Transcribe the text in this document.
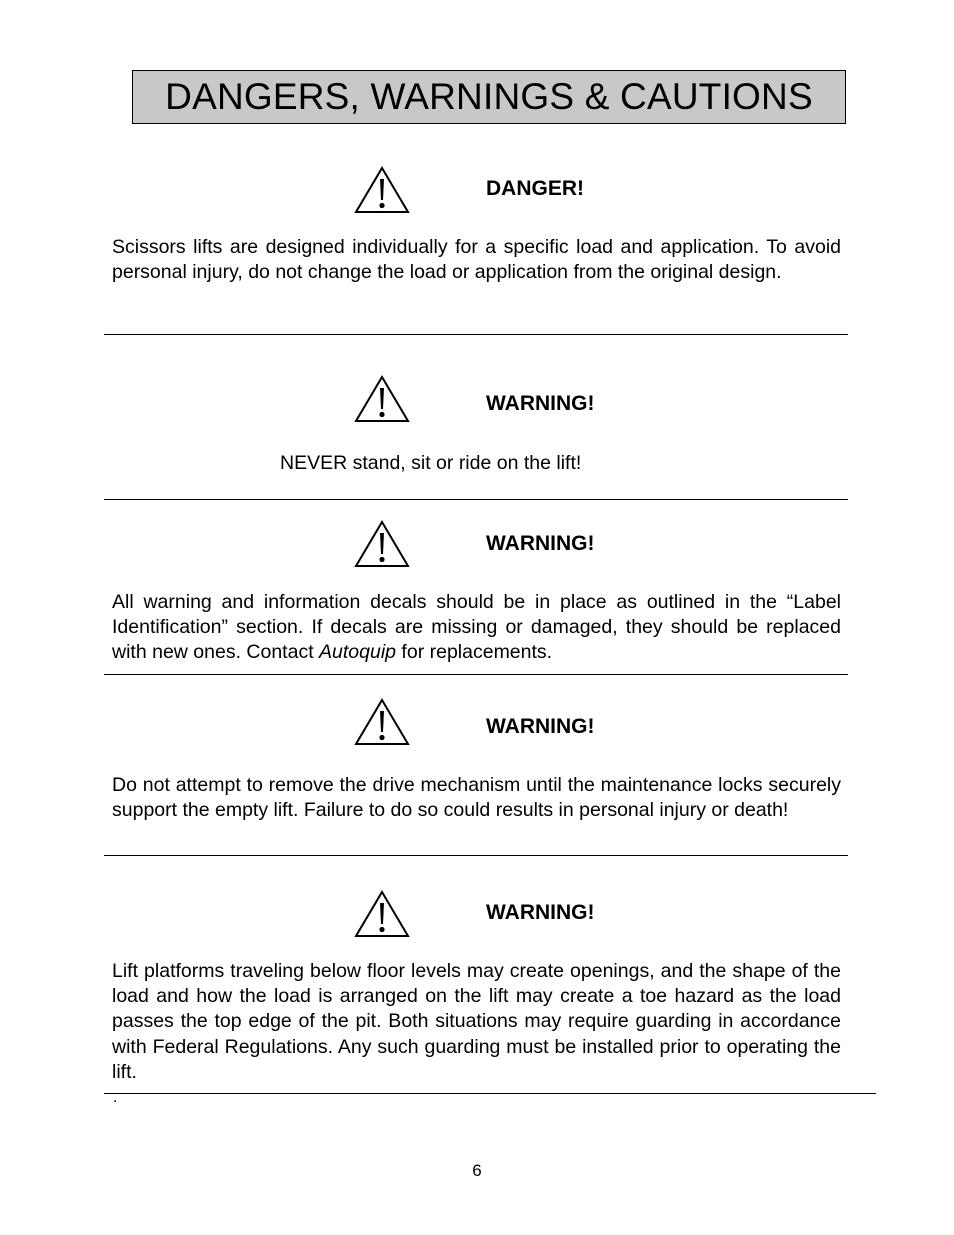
DANGERS, WARNINGS & CAUTIONS
DANGER!
Scissors lifts are designed individually for a specific load and application. To avoid personal injury, do not change the load or application from the original design.
WARNING!
NEVER stand, sit or ride on the lift!
WARNING!
All warning and information decals should be in place as outlined in the “Label Identification” section. If decals are missing or damaged, they should be replaced with new ones. Contact Autoquip for replacements.
WARNING!
Do not attempt to remove the drive mechanism until the maintenance locks securely support the empty lift. Failure to do so could results in personal injury or death!
WARNING!
Lift platforms traveling below floor levels may create openings, and the shape of the load and how the load is arranged on the lift may create a toe hazard as the load passes the top edge of the pit. Both situations may require guarding in accordance with Federal Regulations. Any such guarding must be installed prior to operating the lift.
.
6
